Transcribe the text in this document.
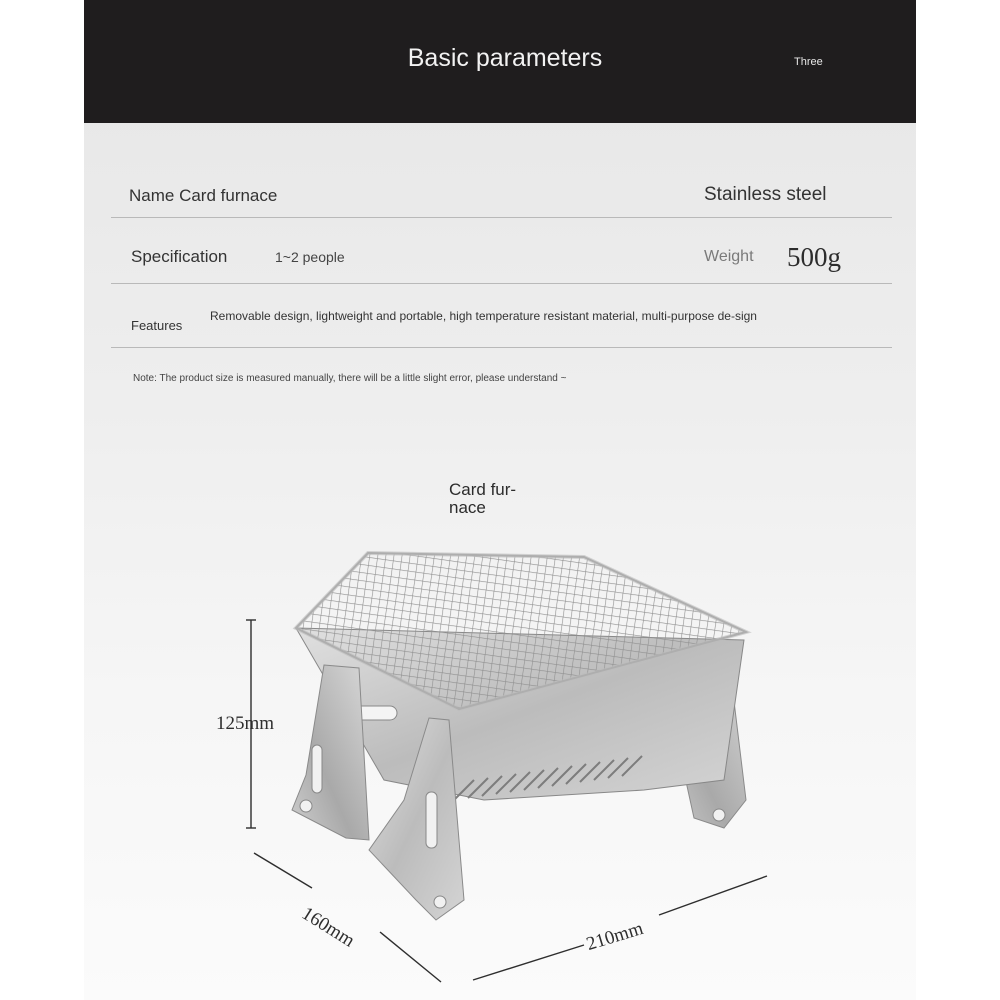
Basic parameters	Three
Name Card furnace	Stainless steel
Specification	1~2 people	Weight 500g
Features
Removable design, lightweight and portable, high temperature resistant material, multi-purpose de-sign
Note: The product size is measured manually, there will be a little slight error, please understand ~
Card fur-
nace
125mm
160mm	210mm
